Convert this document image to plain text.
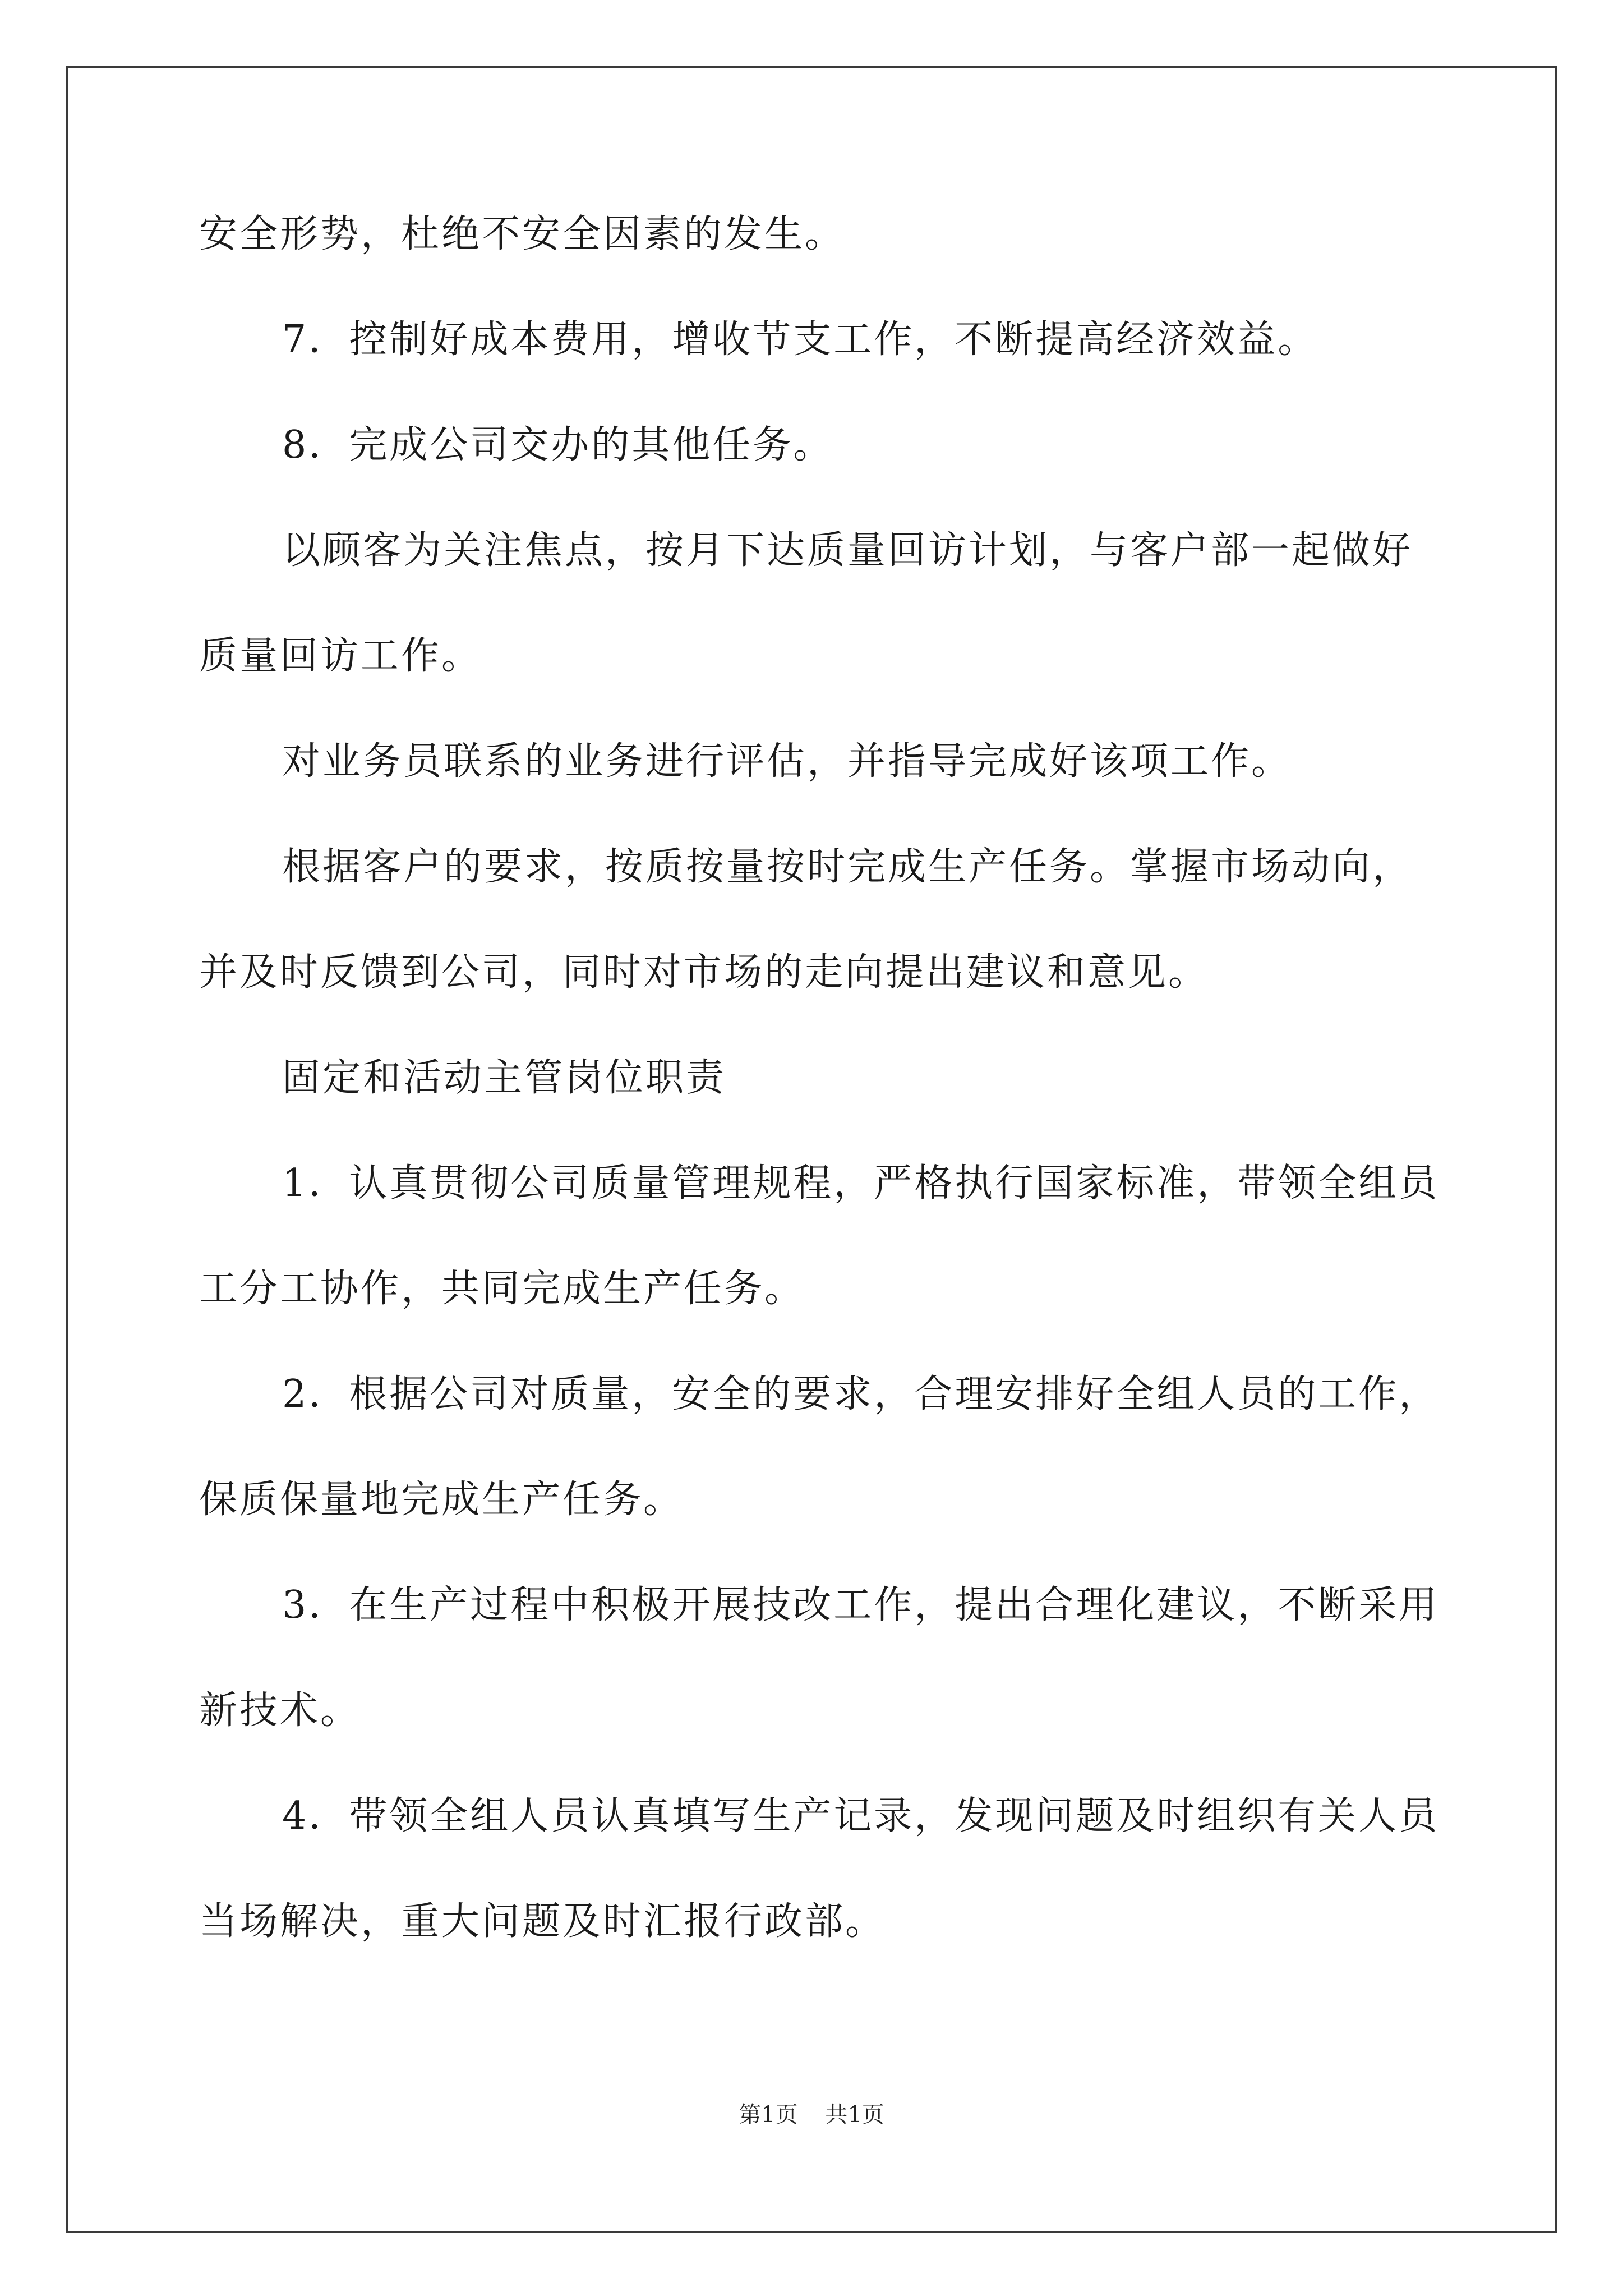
安全形势，杜绝不安全因素的发生。
7．控制好成本费用，增收节支工作，不断提高经济效益。
8．完成公司交办的其他任务。
以顾客为关注焦点，按月下达质量回访计划，与客户部一起做好
质量回访工作。
对业务员联系的业务进行评估，并指导完成好该项工作。
根据客户的要求，按质按量按时完成生产任务。掌握市场动向，
并及时反馈到公司，同时对市场的走向提出建议和意见。
固定和活动主管岗位职责
1．认真贯彻公司质量管理规程，严格执行国家标准，带领全组员
工分工协作，共同完成生产任务。
2．根据公司对质量，安全的要求，合理安排好全组人员的工作，
保质保量地完成生产任务。
3．在生产过程中积极开展技改工作，提出合理化建议，不断采用
新技术。
4．带领全组人员认真填写生产记录，发现问题及时组织有关人员
当场解决，重大问题及时汇报行政部。
第1页 共1页
